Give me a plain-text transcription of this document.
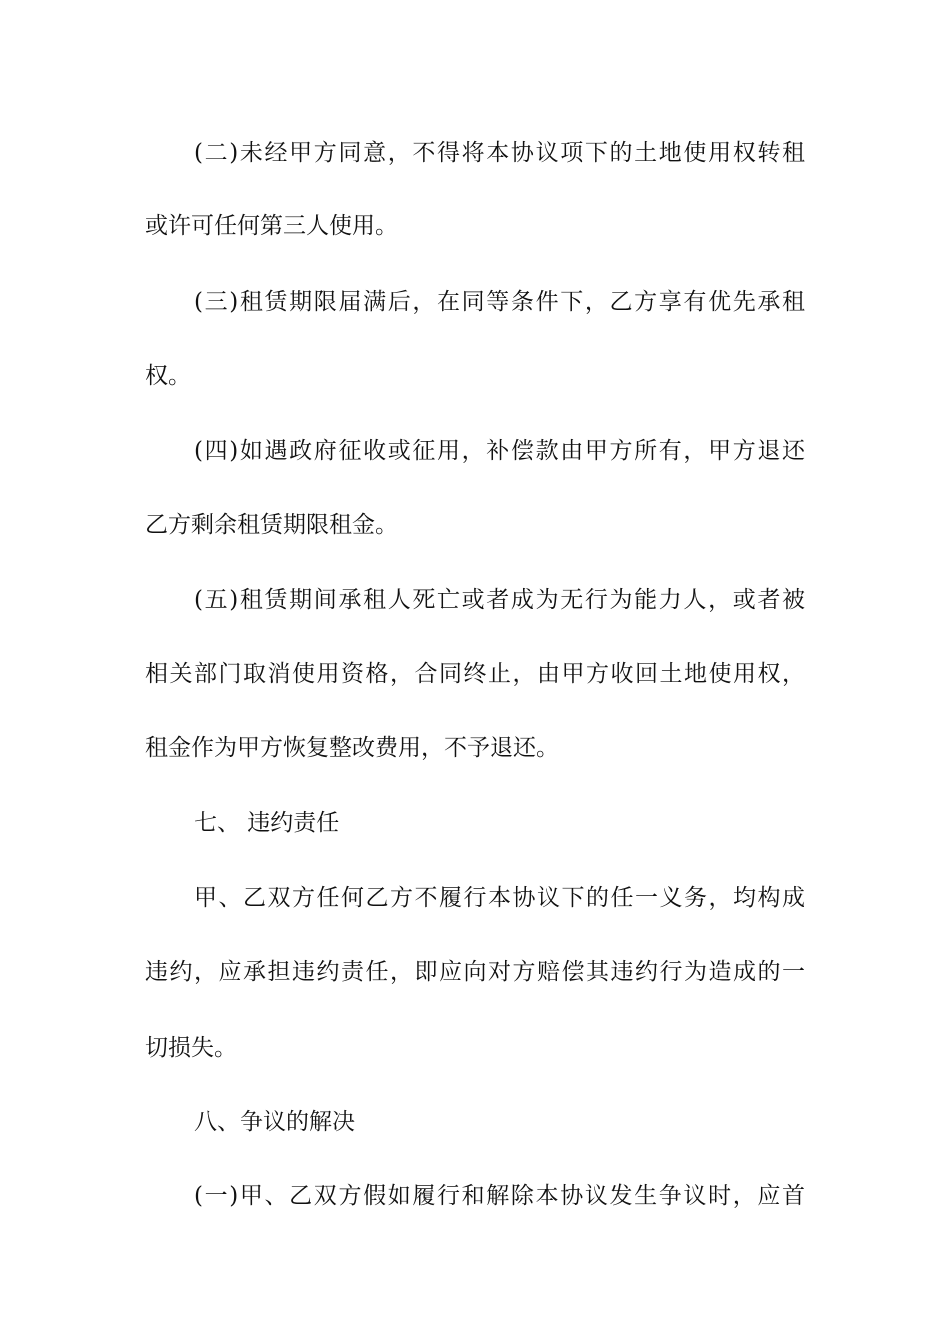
(二)未经甲方同意，不得将本协议项下的土地使用权转租
或许可任何第三人使用。
(三)租赁期限届满后，在同等条件下，乙方享有优先承租
权。
(四)如遇政府征收或征用，补偿款由甲方所有，甲方退还
乙方剩余租赁期限租金。
(五)租赁期间承租人死亡或者成为无行为能力人，或者被
相关部门取消使用资格，合同终止，由甲方收回土地使用权，
租金作为甲方恢复整改费用，不予退还。
七、 违约责任
甲、乙双方任何乙方不履行本协议下的任一义务，均构成
违约，应承担违约责任，即应向对方赔偿其违约行为造成的一
切损失。
八、争议的解决
(一)甲、乙双方假如履行和解除本协议发生争议时，应首
